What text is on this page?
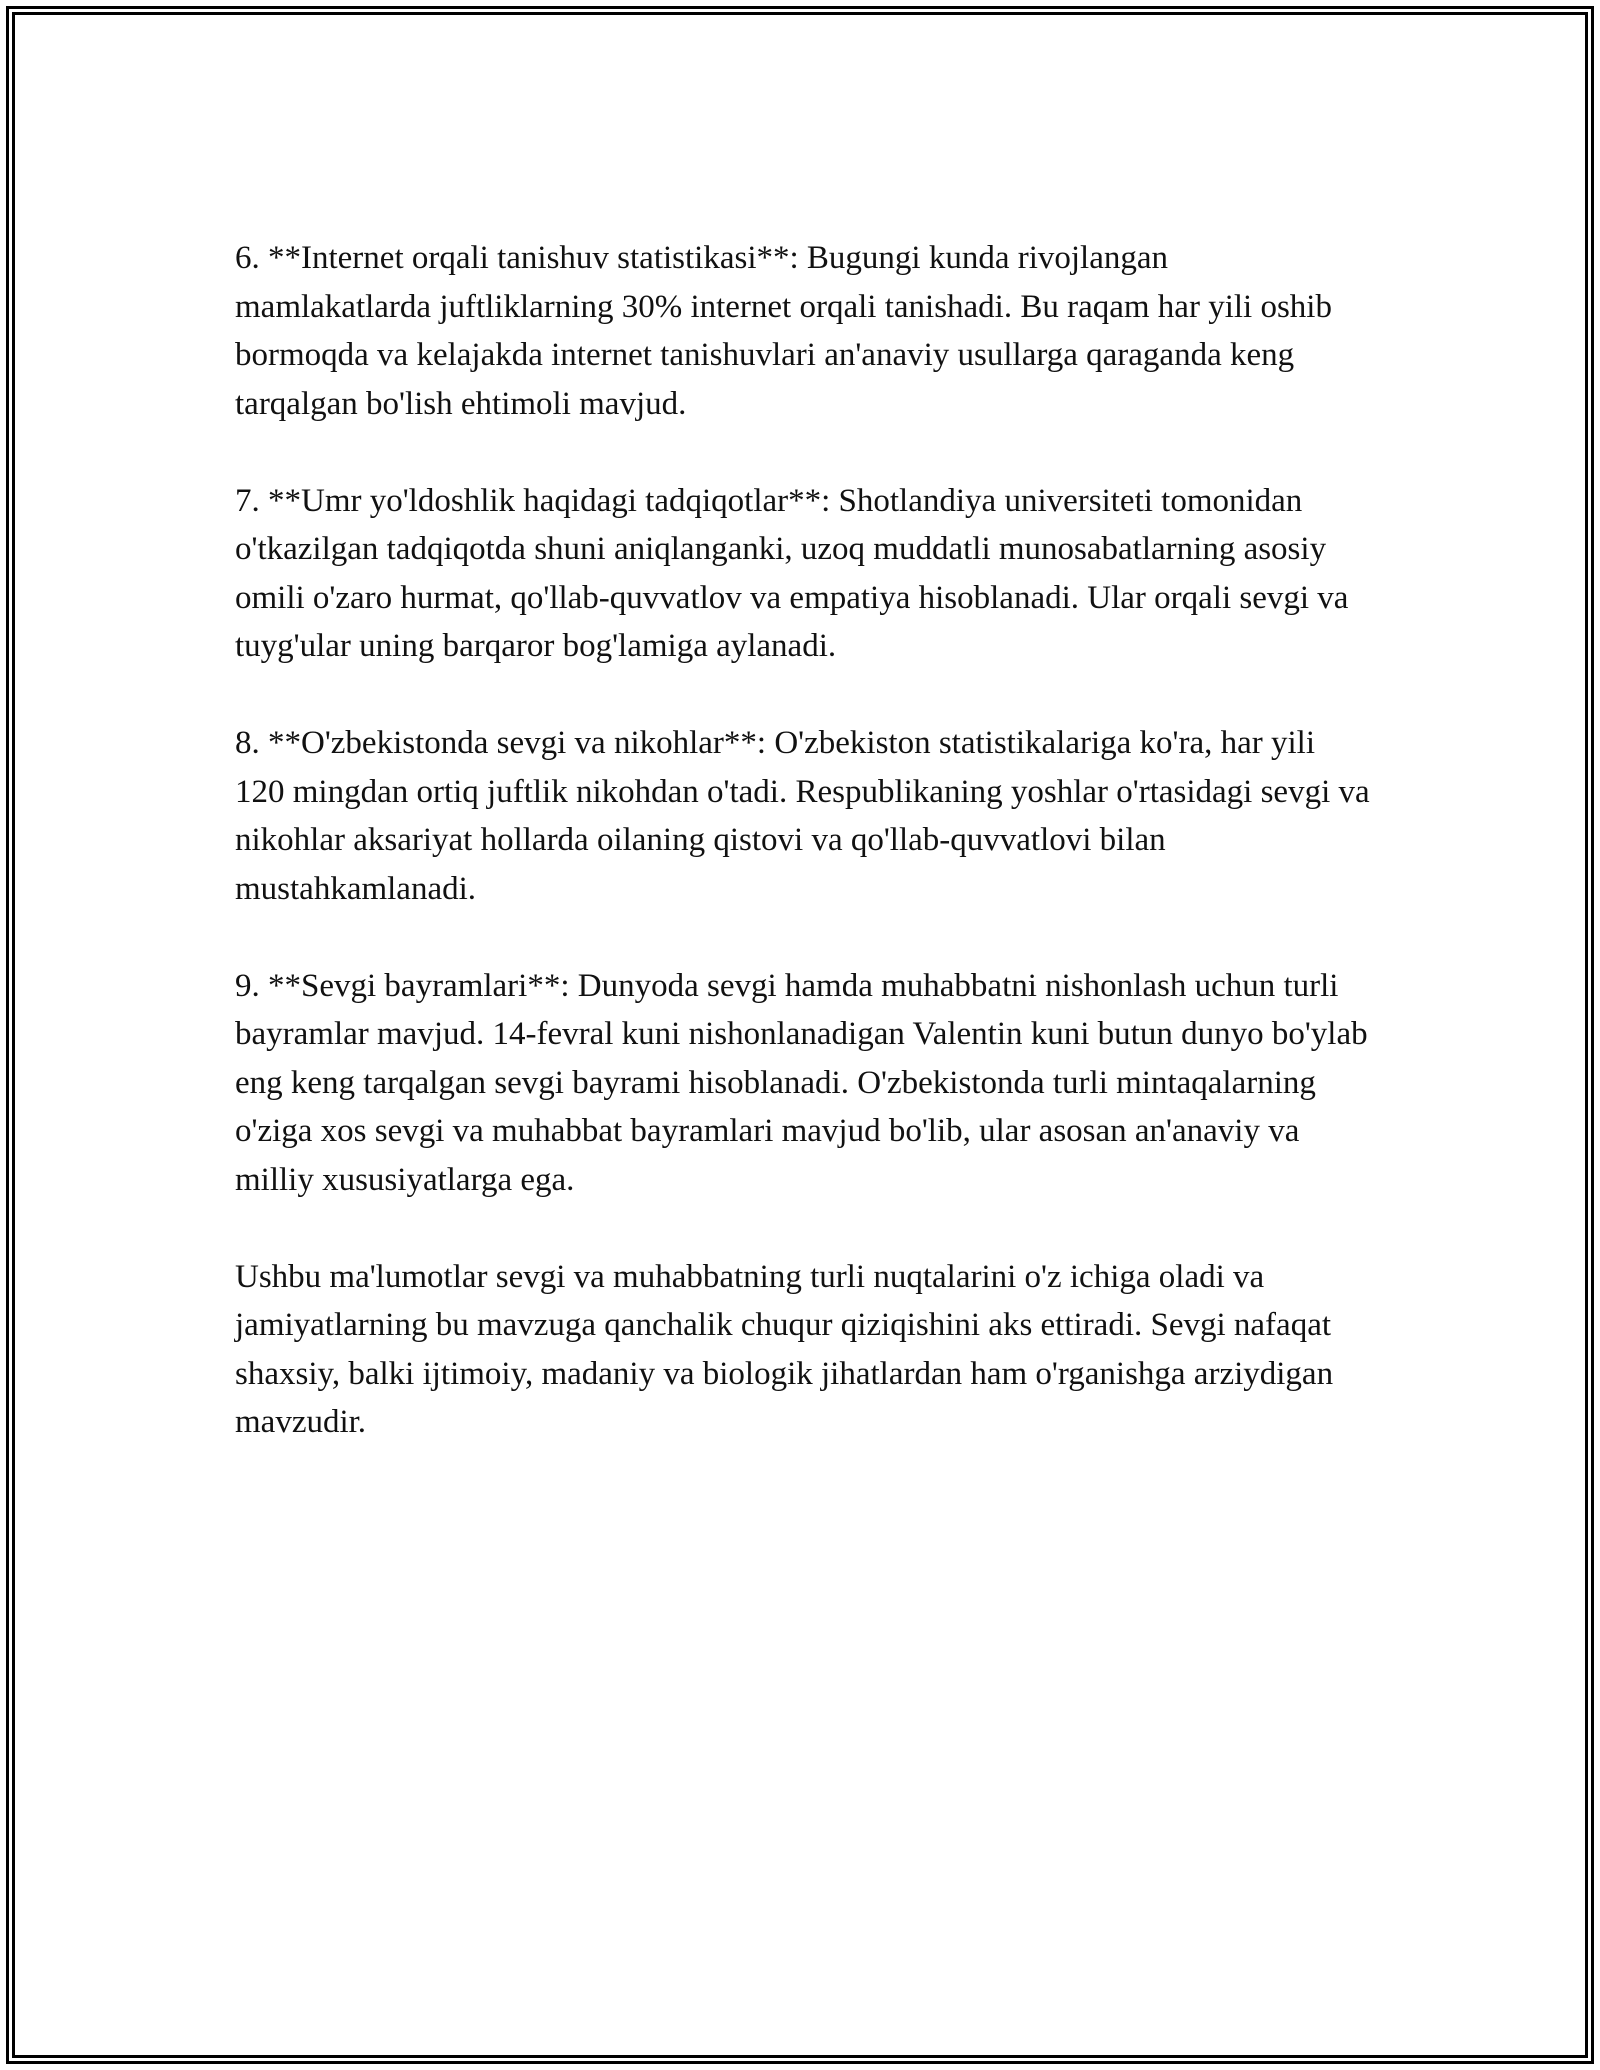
6. **Internet orqali tanishuv statistikasi**: Bugungi kunda rivojlangan mamlakatlarda juftliklarning 30% internet orqali tanishadi. Bu raqam har yili oshib bormoqda va kelajakda internet tanishuvlari an'anaviy usullarga qaraganda keng tarqalgan bo'lish ehtimoli mavjud.

7. **Umr yo'ldoshlik haqidagi tadqiqotlar**: Shotlandiya universiteti tomonidan o'tkazilgan tadqiqotda shuni aniqlanganki, uzoq muddatli munosabatlarning asosiy omili o'zaro hurmat, qo'llab-quvvatlov va empatiya hisoblanadi. Ular orqali sevgi va tuyg'ular uning barqaror bog'lamiga aylanadi.

8. **O'zbekistonda sevgi va nikohlar**: O'zbekiston statistikalariga ko'ra, har yili 120 mingdan ortiq juftlik nikohdan o'tadi. Respublikaning yoshlar o'rtasidagi sevgi va nikohlar aksariyat hollarda oilaning qistovi va qo'llab-quvvatlovi bilan mustahkamlanadi.

9. **Sevgi bayramlari**: Dunyoda sevgi hamda muhabbatni nishonlash uchun turli bayramlar mavjud. 14-fevral kuni nishonlanadigan Valentin kuni butun dunyo bo'ylab eng keng tarqalgan sevgi bayrami hisoblanadi. O'zbekistonda turli mintaqalarning o'ziga xos sevgi va muhabbat bayramlari mavjud bo'lib, ular asosan an'anaviy va milliy xususiyatlarga ega.

Ushbu ma'lumotlar sevgi va muhabbatning turli nuqtalarini o'z ichiga oladi va jamiyatlarning bu mavzuga qanchalik chuqur qiziqishini aks ettiradi. Sevgi nafaqat shaxsiy, balki ijtimoiy, madaniy va biologik jihatlardan ham o'rganishga arziydigan mavzudir.
